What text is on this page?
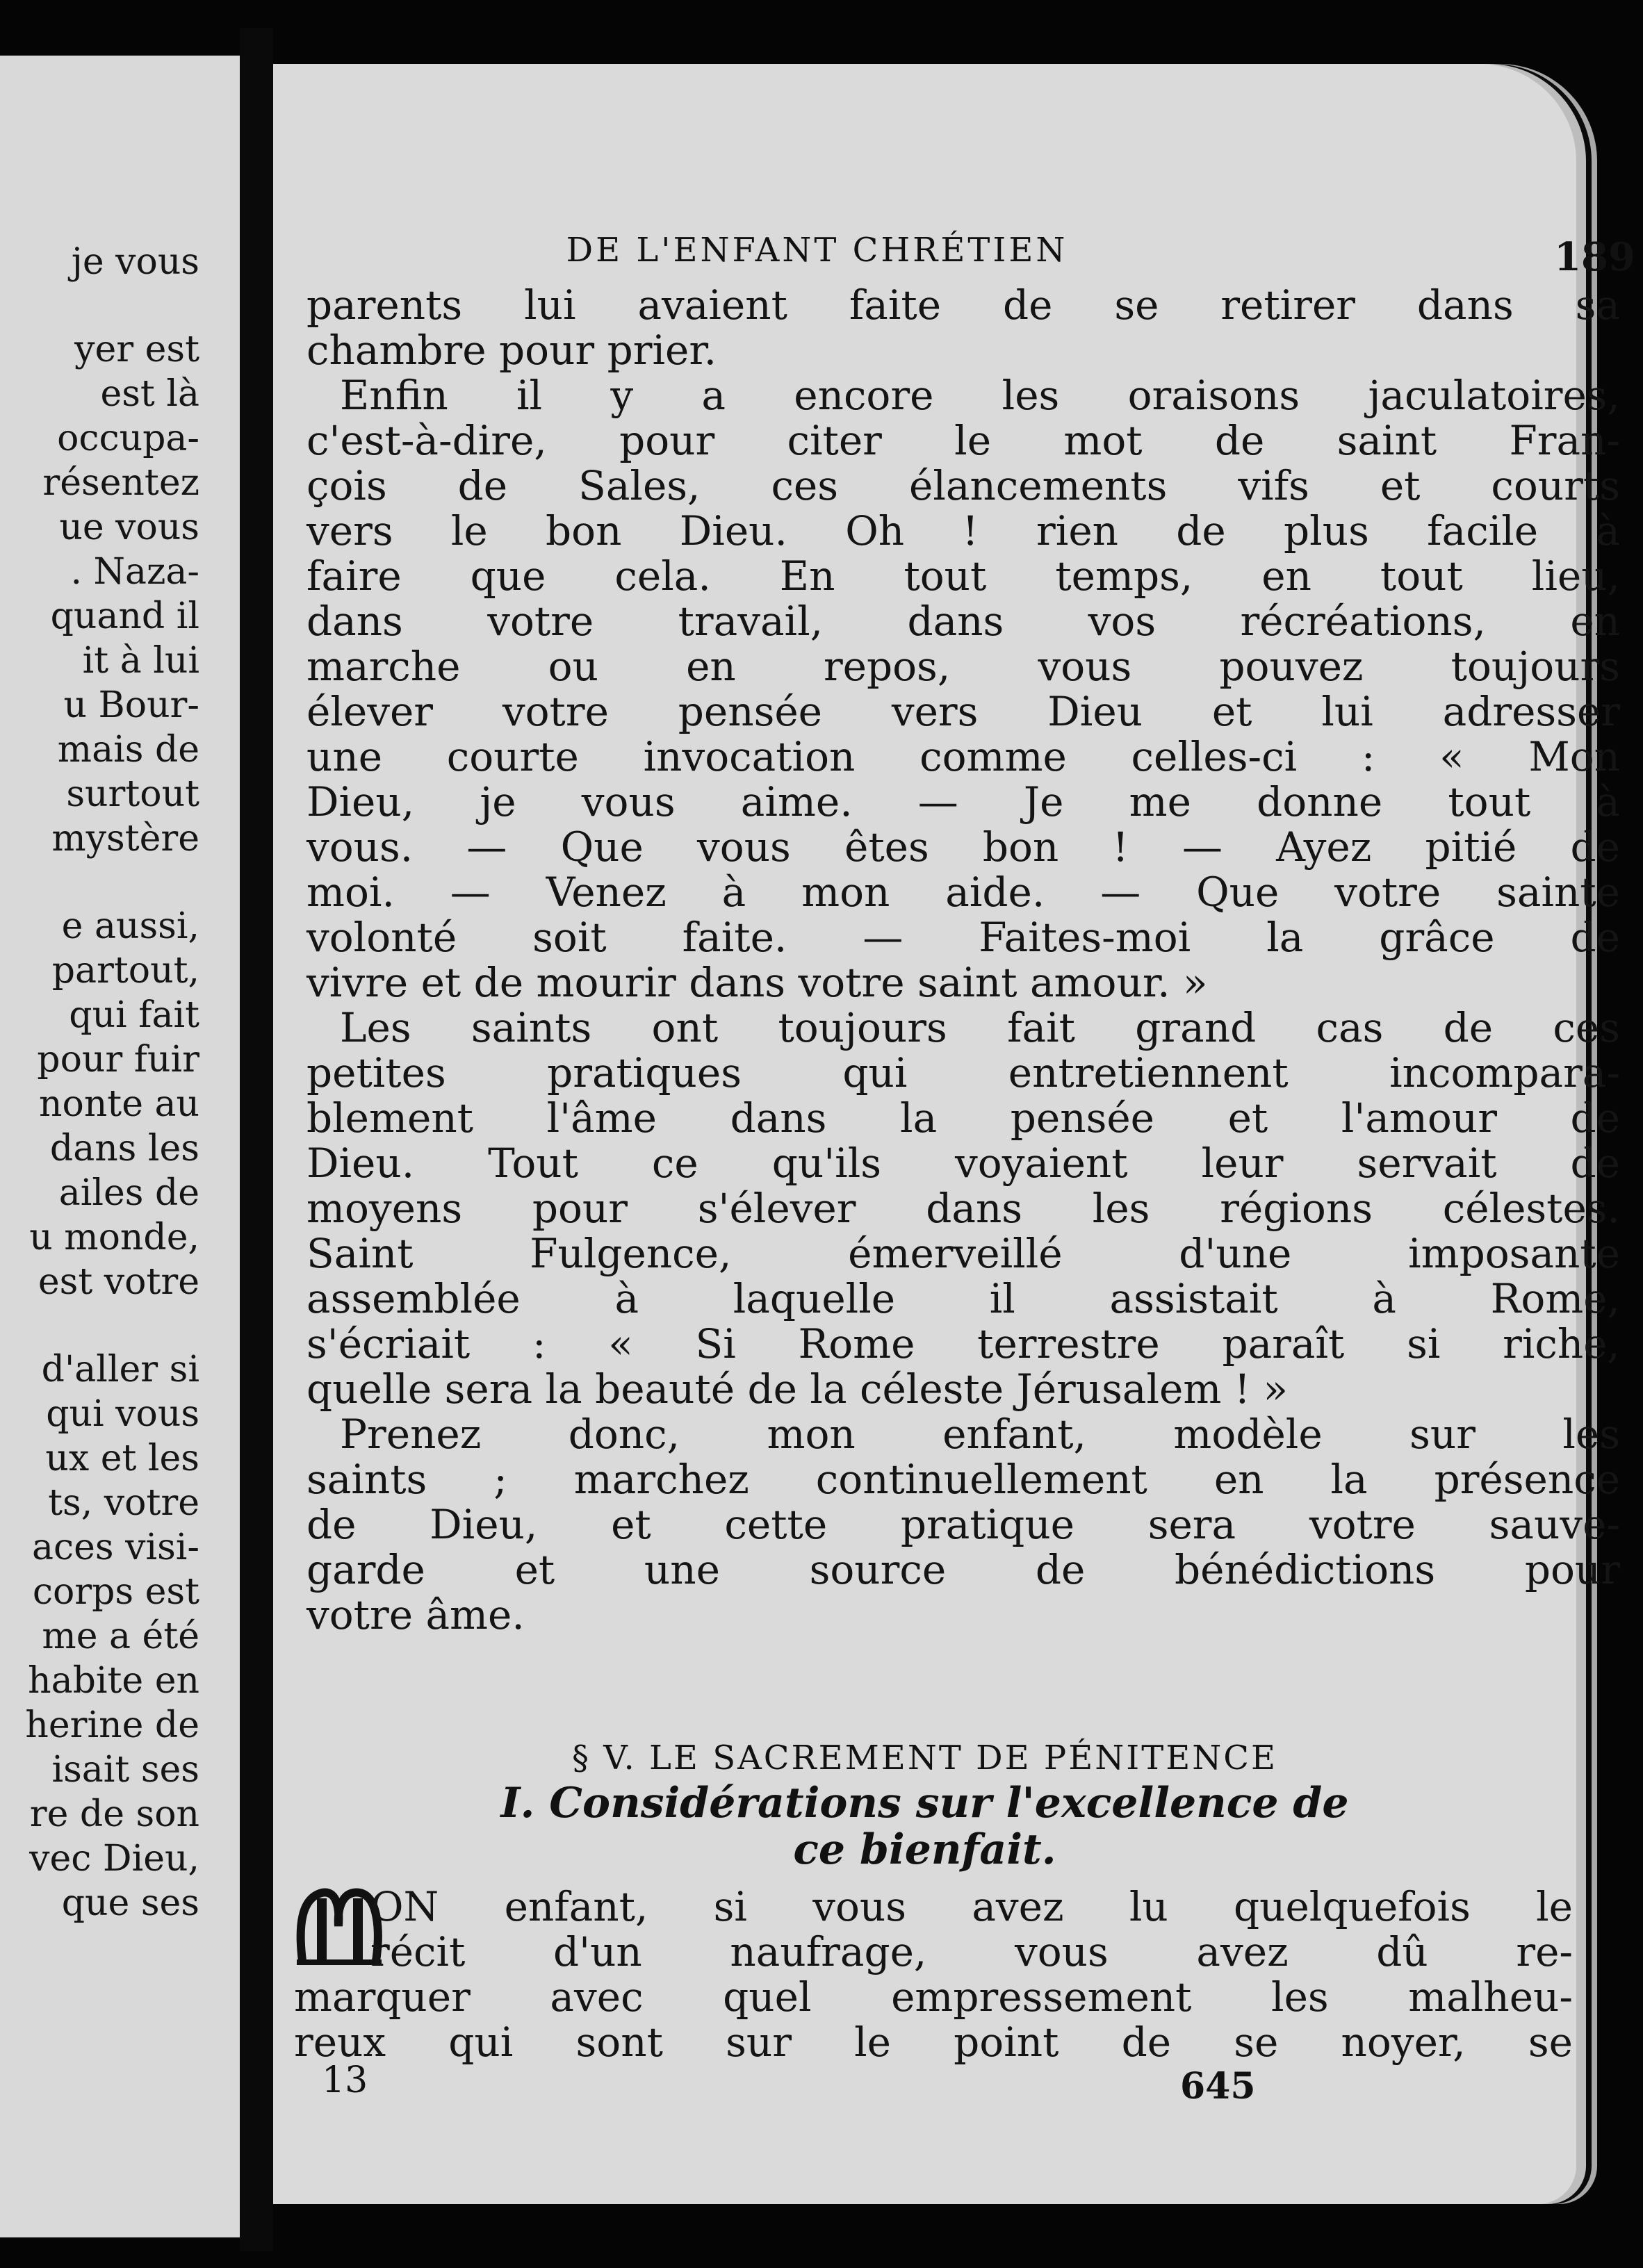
je vous
yer est
est là
occupa-
résentez
ue vous
. Naza-
quand il
it à lui
u Bour-
mais de
surtout
mystère
e aussi,
partout,
qui fait
pour fuir
nonte au
dans les
ailes de
u monde,
est votre
d'aller si
qui vous
ux et les
ts, votre
aces visi-
corps est
me a été
habite en
herine de
isait ses
re de son
vec Dieu,
que ses
DE L'ENFANT CHRÉTIEN	189
parents lui avaient faite de se retirer dans sa
chambre pour prier.
Enfin il y a encore les oraisons jaculatoires,
c'est-à-dire, pour citer le mot de saint Fran-
çois de Sales, ces élancements vifs et courts
vers le bon Dieu. Oh ! rien de plus facile à
faire que cela. En tout temps, en tout lieu,
dans votre travail, dans vos récréations, en
marche ou en repos, vous pouvez toujours
élever votre pensée vers Dieu et lui adresser
une courte invocation comme celles-ci : « Mon
Dieu, je vous aime. — Je me donne tout à
vous. — Que vous êtes bon ! — Ayez pitié de
moi. — Venez à mon aide. — Que votre sainte
volonté soit faite. — Faites-moi la grâce de
vivre et de mourir dans votre saint amour. »
Les saints ont toujours fait grand cas de ces
petites pratiques qui entretiennent incompara-
blement l'âme dans la pensée et l'amour de
Dieu. Tout ce qu'ils voyaient leur servait de
moyens pour s'élever dans les régions célestes.
Saint Fulgence, émerveillé d'une imposante
assemblée à laquelle il assistait à Rome,
s'écriait : « Si Rome terrestre paraît si riche,
quelle sera la beauté de la céleste Jérusalem ! »
Prenez donc, mon enfant, modèle sur les
saints ; marchez continuellement en la présence
de Dieu, et cette pratique sera votre sauve-
garde et une source de bénédictions pour
votre âme.
§ V. LE SACREMENT DE PÉNITENCE
I. Considérations sur l'excellence de
ce bienfait.
ON enfant, si vous avez lu quelquefois le
récit d'un naufrage, vous avez dû re-
marquer avec quel empressement les malheu-
reux qui sont sur le point de se noyer, se
13	645
